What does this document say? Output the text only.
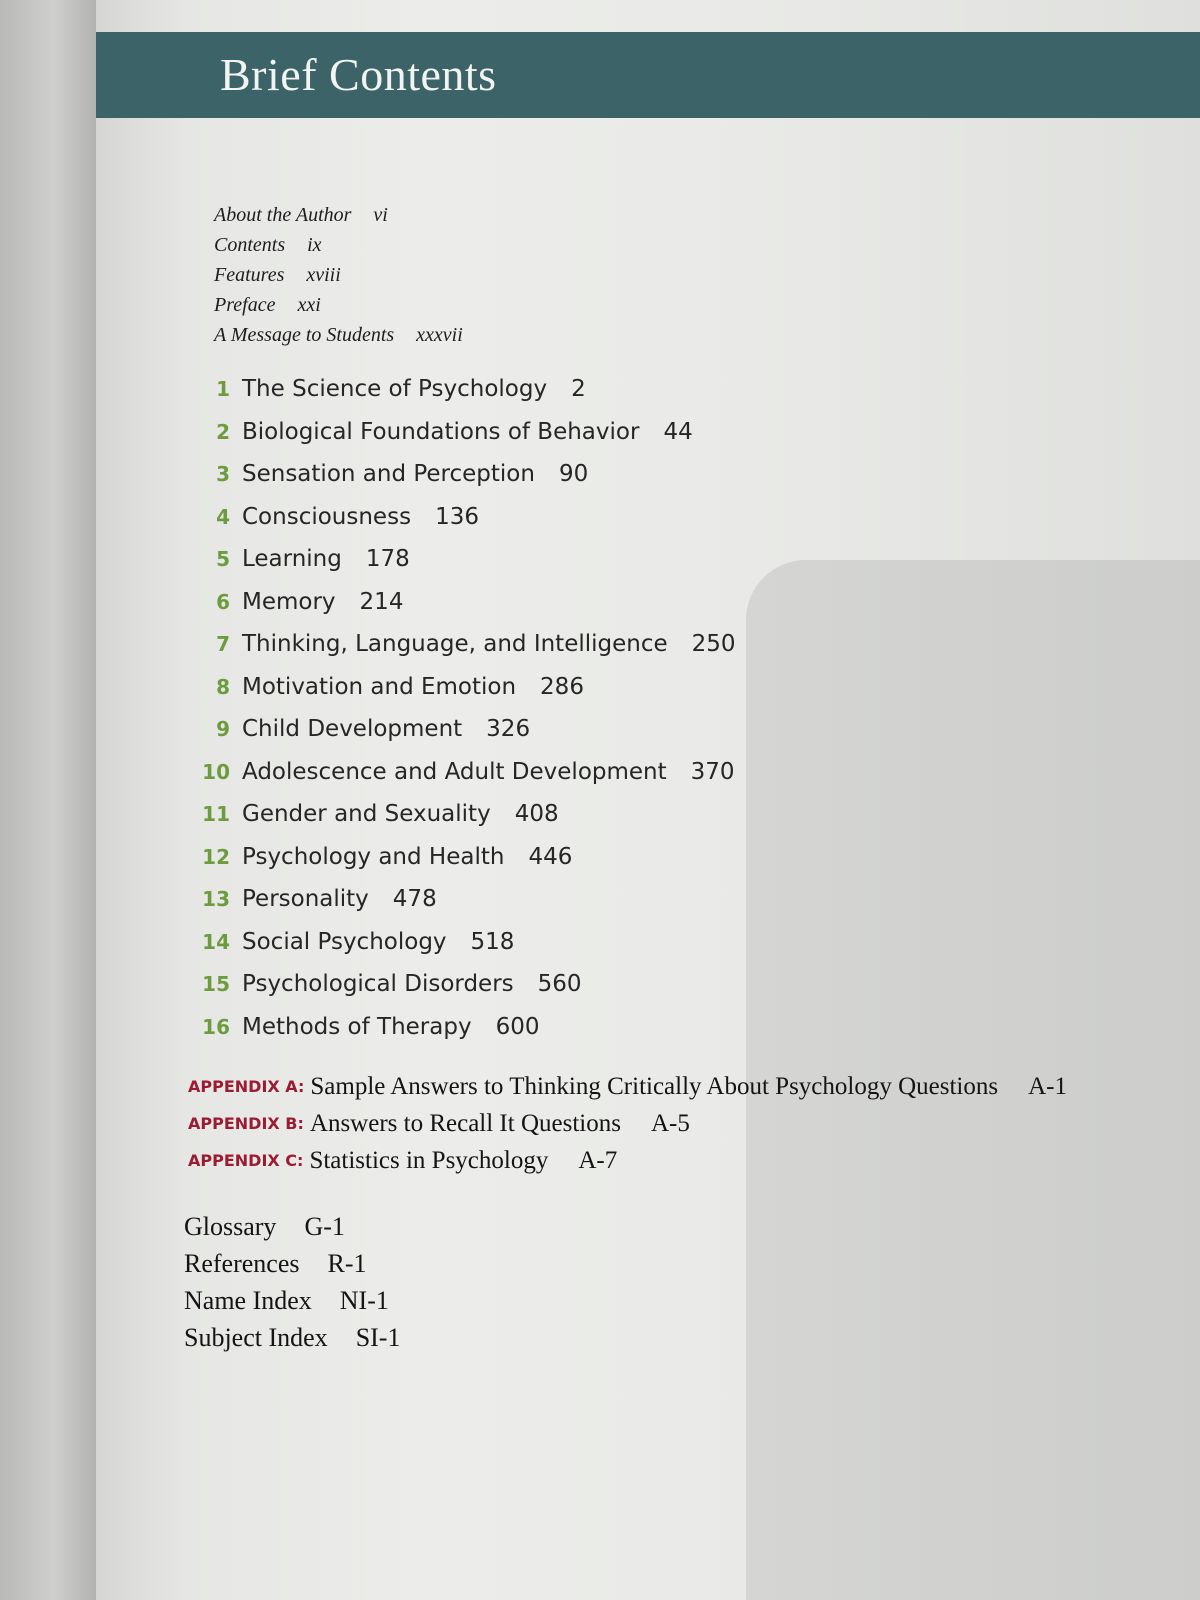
Brief Contents
About the Author vi
Contents ix
Features xviii
Preface xxi
A Message to Students xxxvii
1 The Science of Psychology 2
2 Biological Foundations of Behavior 44
3 Sensation and Perception 90
4 Consciousness 136
5 Learning 178
6 Memory 214
7 Thinking, Language, and Intelligence 250
8 Motivation and Emotion 286
9 Child Development 326
10 Adolescence and Adult Development 370
11 Gender and Sexuality 408
12 Psychology and Health 446
13 Personality 478
14 Social Psychology 518
15 Psychological Disorders 560
16 Methods of Therapy 600
APPENDIX A: Sample Answers to Thinking Critically About Psychology Questions A-1
APPENDIX B: Answers to Recall It Questions A-5
APPENDIX C: Statistics in Psychology A-7
Glossary G-1
References R-1
Name Index NI-1
Subject Index SI-1
